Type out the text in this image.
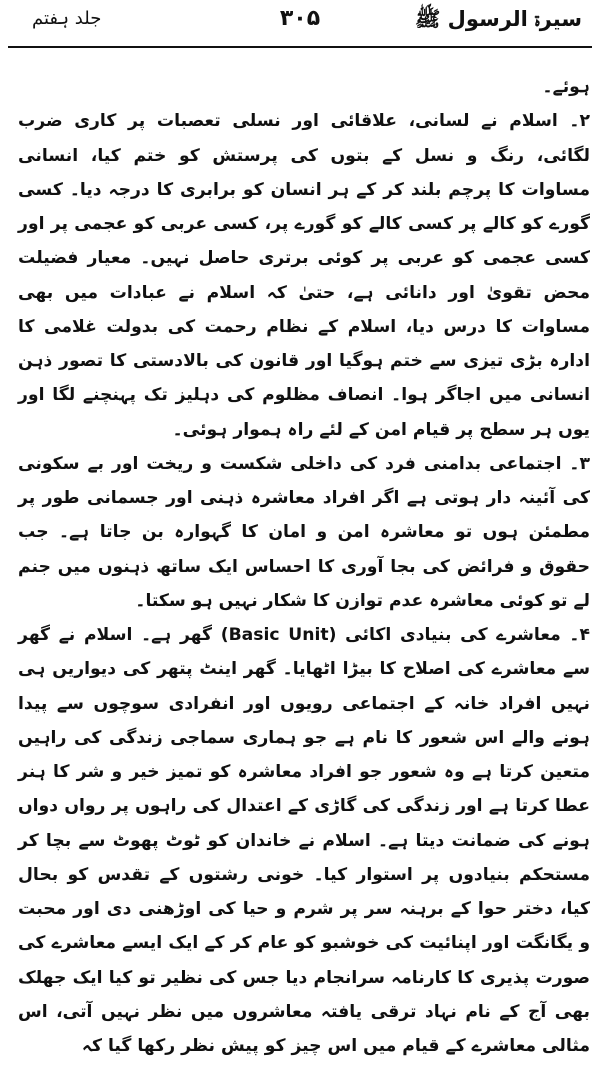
سیرۃ الرسول ﷺ
۳۰۵
جلد ہفتم

ہوئے۔

۲۔ اسلام نے لسانی، علاقائی اور نسلی تعصبات پر کاری ضرب لگائی، رنگ و نسل کے بتوں کی پرستش کو ختم کیا، انسانی مساوات کا پرچم بلند کر کے ہر انسان کو برابری کا درجہ دیا۔ کسی گورے کو کالے پر کسی کالے کو گورے پر، کسی عربی کو عجمی پر اور کسی عجمی کو عربی پر کوئی برتری حاصل نہیں۔ معیار فضیلت محض تقویٰ اور دانائی ہے، حتیٰ کہ اسلام نے عبادات میں بھی مساوات کا درس دیا، اسلام کے نظام رحمت کی بدولت غلامی کا ادارہ بڑی تیزی سے ختم ہوگیا اور قانون کی بالادستی کا تصور ذہن انسانی میں اجاگر ہوا۔ انصاف مظلوم کی دہلیز تک پہنچنے لگا اور یوں ہر سطح پر قیام امن کے لئے راہ ہموار ہوئی۔

۳۔ اجتماعی بدامنی فرد کی داخلی شکست و ریخت اور بے سکونی کی آئینہ دار ہوتی ہے اگر افراد معاشرہ ذہنی اور جسمانی طور پر مطمئن ہوں تو معاشرہ امن و امان کا گہوارہ بن جاتا ہے۔ جب حقوق و فرائض کی بجا آوری کا احساس ایک ساتھ ذہنوں میں جنم لے تو کوئی معاشرہ عدم توازن کا شکار نہیں ہو سکتا۔

۴۔ معاشرے کی بنیادی اکائی (Basic Unit) گھر ہے۔ اسلام نے گھر سے معاشرے کی اصلاح کا بیڑا اٹھایا۔ گھر اینٹ پتھر کی دیواریں ہی نہیں افراد خانہ کے اجتماعی رویوں اور انفرادی سوچوں سے پیدا ہونے والے اس شعور کا نام ہے جو ہماری سماجی زندگی کی راہیں متعین کرتا ہے وہ شعور جو افراد معاشرہ کو تمیز خیر و شر کا ہنر عطا کرتا ہے اور زندگی کی گاڑی کے اعتدال کی راہوں پر رواں دواں ہونے کی ضمانت دیتا ہے۔ اسلام نے خاندان کو ٹوٹ پھوٹ سے بچا کر مستحکم بنیادوں پر استوار کیا۔ خونی رشتوں کے تقدس کو بحال کیا، دختر حوا کے برہنہ سر پر شرم و حیا کی اوڑھنی دی اور محبت و یگانگت اور اپنائیت کی خوشبو کو عام کر کے ایک ایسے معاشرے کی صورت پذیری کا کارنامہ سرانجام دیا جس کی نظیر تو کیا ایک جھلک بھی آج کے نام نہاد ترقی یافتہ معاشروں میں نظر نہیں آتی، اس مثالی معاشرے کے قیام میں اس چیز کو پیش نظر رکھا گیا کہ
